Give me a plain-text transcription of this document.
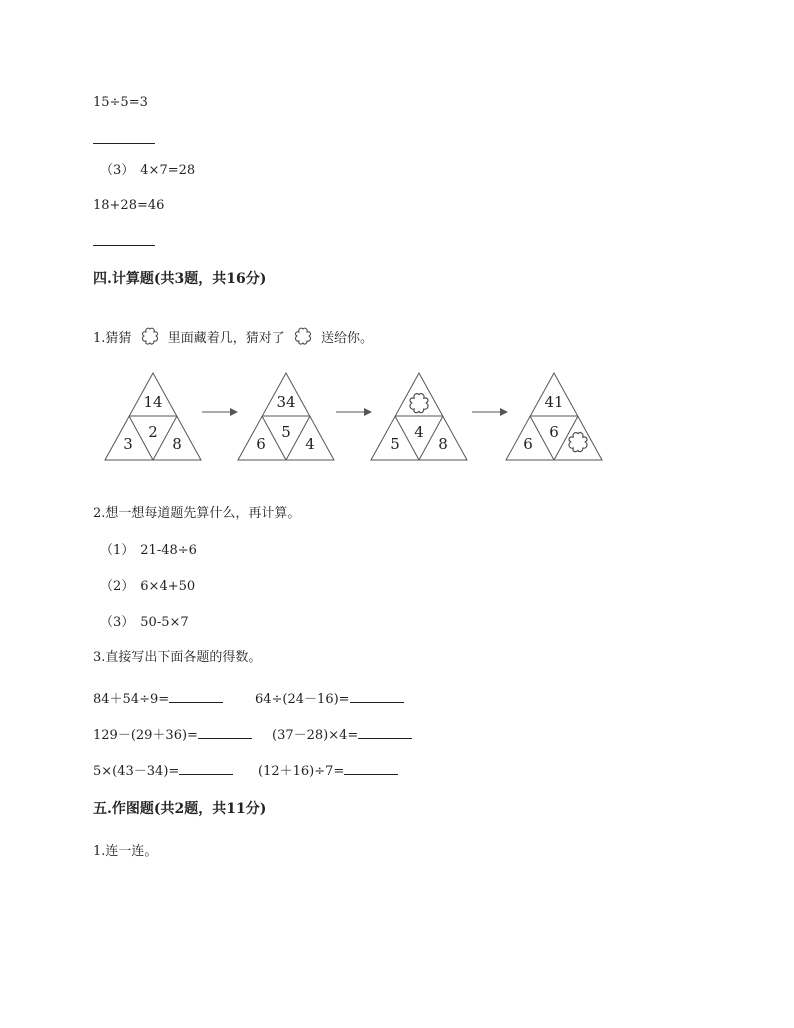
15÷5=3
（3） 4×7=28
18+28=46
四.计算题(共3题，共16分)
1.猜猜	里面藏着几，猜对了	送给你。
14
2
3	8
34
5
6	4
4
5	8
41
6
6
2.想一想每道题先算什么，再计算。
（1） 21-48÷6
（2） 6×4+50
（3） 50-5×7
3.直接写出下面各题的得数。
84＋54÷9=	64÷(24－16)=
129－(29＋36)=	(37－28)×4=
5×(43－34)=	(12＋16)÷7=
五.作图题(共2题，共11分)
1.连一连。
